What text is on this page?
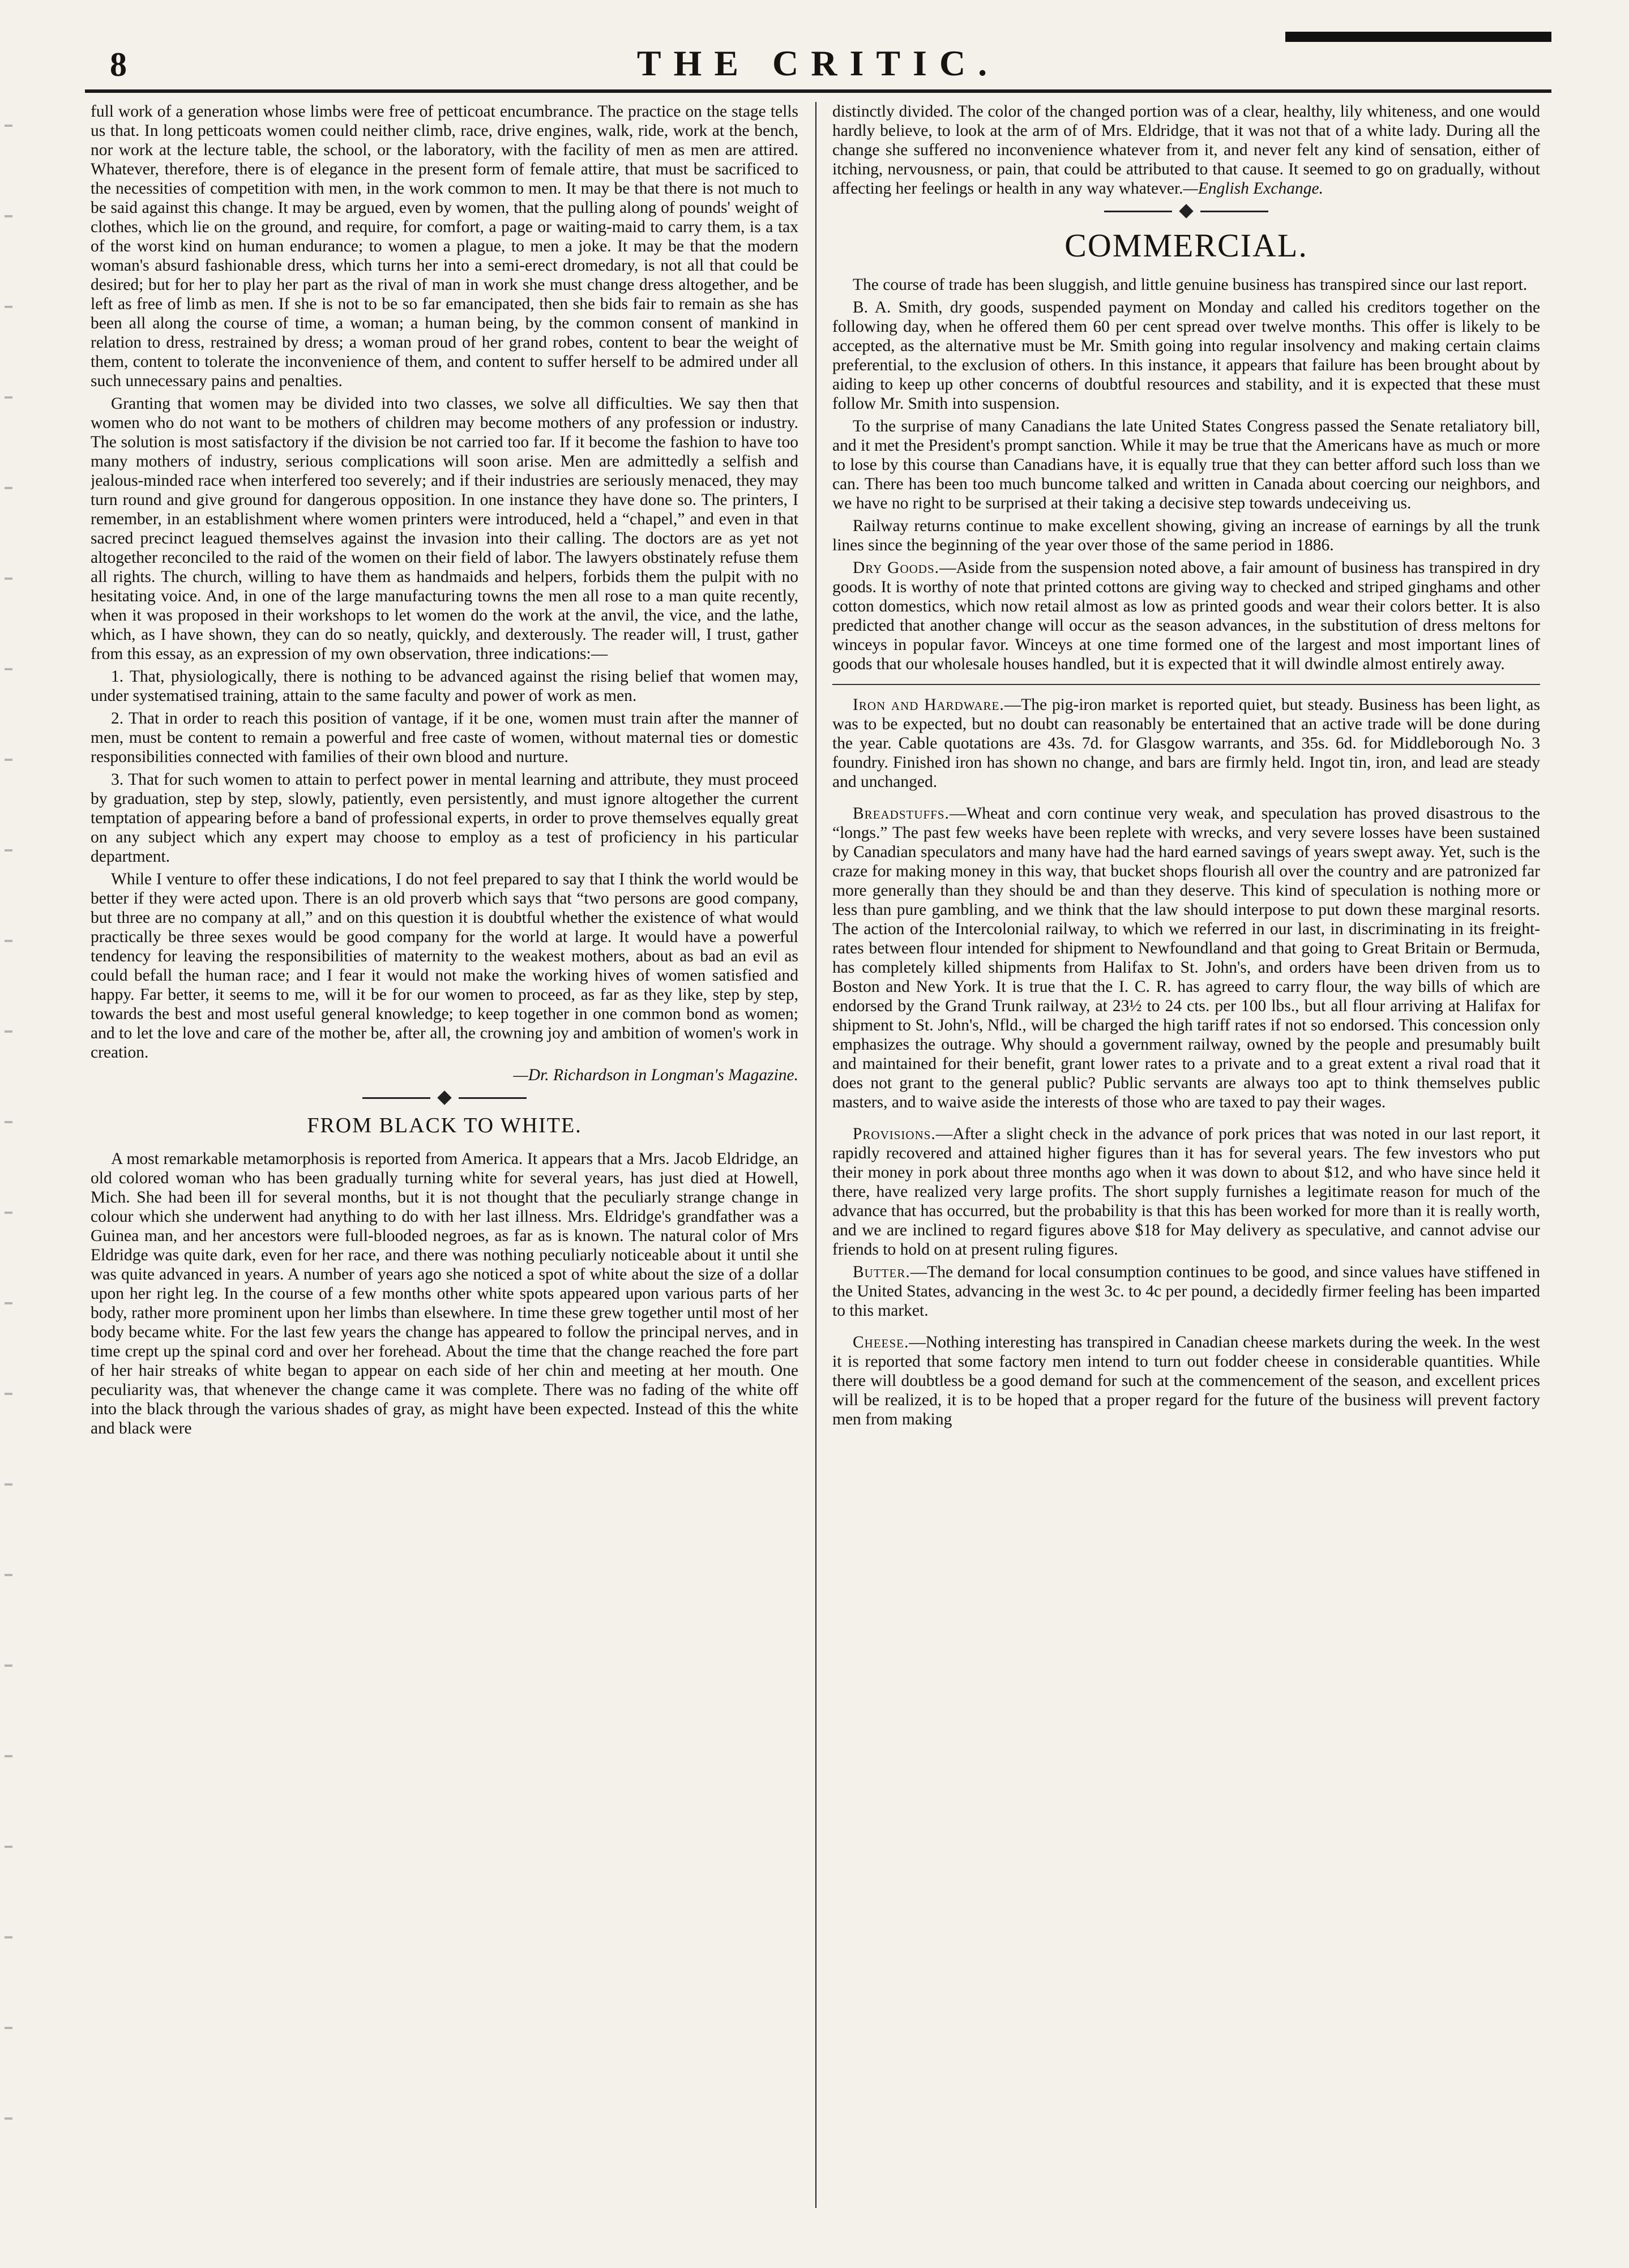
8	THE CRITIC.

full work of a generation whose limbs were free of petticoat encumbrance. The practice on the stage tells us that. In long petticoats women could neither climb, race, drive engines, walk, ride, work at the bench, nor work at the lecture table, the school, or the laboratory, with the facility of men as men are attired. Whatever, therefore, there is of elegance in the present form of female attire, that must be sacrificed to the necessities of competition with men, in the work common to men. It may be that there is not much to be said against this change. It may be argued, even by women, that the pulling along of pounds' weight of clothes, which lie on the ground, and require, for comfort, a page or waiting-maid to carry them, is a tax of the worst kind on human endurance; to women a plague, to men a joke. It may be that the modern woman's absurd fashionable dress, which turns her into a semi-erect dromedary, is not all that could be desired; but for her to play her part as the rival of man in work she must change dress altogether, and be left as free of limb as men. If she is not to be so far emancipated, then she bids fair to remain as she has been all along the course of time, a woman; a human being, by the common consent of mankind in relation to dress, restrained by dress; a woman proud of her grand robes, content to bear the weight of them, content to tolerate the inconvenience of them, and content to suffer herself to be admired under all such unnecessary pains and penalties.

Granting that women may be divided into two classes, we solve all difficulties. We say then that women who do not want to be mothers of children may become mothers of any profession or industry. The solution is most satisfactory if the division be not carried too far. If it become the fashion to have too many mothers of industry, serious complications will soon arise. Men are admittedly a selfish and jealous-minded race when interfered too severely; and if their industries are seriously menaced, they may turn round and give ground for dangerous opposition. In one instance they have done so. The printers, I remember, in an establishment where women printers were introduced, held a “chapel,” and even in that sacred precinct leagued themselves against the invasion into their calling. The doctors are as yet not altogether reconciled to the raid of the women on their field of labor. The lawyers obstinately refuse them all rights. The church, willing to have them as handmaids and helpers, forbids them the pulpit with no hesitating voice. And, in one of the large manufacturing towns the men all rose to a man quite recently, when it was proposed in their workshops to let women do the work at the anvil, the vice, and the lathe, which, as I have shown, they can do so neatly, quickly, and dexterously. The reader will, I trust, gather from this essay, as an expression of my own observation, three indications:—

1. That, physiologically, there is nothing to be advanced against the rising belief that women may, under systematised training, attain to the same faculty and power of work as men.

2. That in order to reach this position of vantage, if it be one, women must train after the manner of men, must be content to remain a powerful and free caste of women, without maternal ties or domestic responsibilities connected with families of their own blood and nurture.

3. That for such women to attain to perfect power in mental learning and attribute, they must proceed by graduation, step by step, slowly, patiently, even persistently, and must ignore altogether the current temptation of appearing before a band of professional experts, in order to prove themselves equally great on any subject which any expert may choose to employ as a test of proficiency in his particular department.

While I venture to offer these indications, I do not feel prepared to say that I think the world would be better if they were acted upon. There is an old proverb which says that “two persons are good company, but three are no company at all,” and on this question it is doubtful whether the existence of what would practically be three sexes would be good company for the world at large. It would have a powerful tendency for leaving the responsibilities of maternity to the weakest mothers, about as bad an evil as could befall the human race; and I fear it would not make the working hives of women satisfied and happy. Far better, it seems to me, will it be for our women to proceed, as far as they like, step by step, towards the best and most useful general knowledge; to keep together in one common bond as women; and to let the love and care of the mother be, after all, the crowning joy and ambition of women's work in creation.

—Dr. Richardson in Longman's Magazine.

FROM BLACK TO WHITE.

A most remarkable metamorphosis is reported from America. It appears that a Mrs. Jacob Eldridge, an old colored woman who has been gradually turning white for several years, has just died at Howell, Mich. She had been ill for several months, but it is not thought that the peculiarly strange change in colour which she underwent had anything to do with her last illness. Mrs. Eldridge's grandfather was a Guinea man, and her ancestors were full-blooded negroes, as far as is known. The natural color of Mrs Eldridge was quite dark, even for her race, and there was nothing peculiarly noticeable about it until she was quite advanced in years. A number of years ago she noticed a spot of white about the size of a dollar upon her right leg. In the course of a few months other white spots appeared upon various parts of her body, rather more prominent upon her limbs than elsewhere. In time these grew together until most of her body became white. For the last few years the change has appeared to follow the principal nerves, and in time crept up the spinal cord and over her forehead. About the time that the change reached the fore part of her hair streaks of white began to appear on each side of her chin and meeting at her mouth. One peculiarity was, that whenever the change came it was complete. There was no fading of the white off into the black through the various shades of gray, as might have been expected. Instead of this the white and black were

distinctly divided. The color of the changed portion was of a clear, healthy, lily whiteness, and one would hardly believe, to look at the arm of of Mrs. Eldridge, that it was not that of a white lady. During all the change she suffered no inconvenience whatever from it, and never felt any kind of sensation, either of itching, nervousness, or pain, that could be attributed to that cause. It seemed to go on gradually, without affecting her feelings or health in any way whatever.—English Exchange.

COMMERCIAL.

The course of trade has been sluggish, and little genuine business has transpired since our last report.

B. A. Smith, dry goods, suspended payment on Monday and called his creditors together on the following day, when he offered them 60 per cent spread over twelve months. This offer is likely to be accepted, as the alternative must be Mr. Smith going into regular insolvency and making certain claims preferential, to the exclusion of others. In this instance, it appears that failure has been brought about by aiding to keep up other concerns of doubtful resources and stability, and it is expected that these must follow Mr. Smith into suspension.

To the surprise of many Canadians the late United States Congress passed the Senate retaliatory bill, and it met the President's prompt sanction. While it may be true that the Americans have as much or more to lose by this course than Canadians have, it is equally true that they can better afford such loss than we can. There has been too much buncome talked and written in Canada about coercing our neighbors, and we have no right to be surprised at their taking a decisive step towards undeceiving us.

Railway returns continue to make excellent showing, giving an increase of earnings by all the trunk lines since the beginning of the year over those of the same period in 1886.

Dry Goods.—Aside from the suspension noted above, a fair amount of business has transpired in dry goods. It is worthy of note that printed cottons are giving way to checked and striped ginghams and other cotton domestics, which now retail almost as low as printed goods and wear their colors better. It is also predicted that another change will occur as the season advances, in the substitution of dress meltons for winceys in popular favor. Winceys at one time formed one of the largest and most important lines of goods that our wholesale houses handled, but it is expected that it will dwindle almost entirely away.

Iron and Hardware.—The pig-iron market is reported quiet, but steady. Business has been light, as was to be expected, but no doubt can reasonably be entertained that an active trade will be done during the year. Cable quotations are 43s. 7d. for Glasgow warrants, and 35s. 6d. for Middleborough No. 3 foundry. Finished iron has shown no change, and bars are firmly held. Ingot tin, iron, and lead are steady and unchanged.

Breadstuffs.—Wheat and corn continue very weak, and speculation has proved disastrous to the “longs.” The past few weeks have been replete with wrecks, and very severe losses have been sustained by Canadian speculators and many have had the hard earned savings of years swept away. Yet, such is the craze for making money in this way, that bucket shops flourish all over the country and are patronized far more generally than they should be and than they deserve. This kind of speculation is nothing more or less than pure gambling, and we think that the law should interpose to put down these marginal resorts. The action of the Intercolonial railway, to which we referred in our last, in discriminating in its freight-rates between flour intended for shipment to Newfoundland and that going to Great Britain or Bermuda, has completely killed shipments from Halifax to St. John's, and orders have been driven from us to Boston and New York. It is true that the I. C. R. has agreed to carry flour, the way bills of which are endorsed by the Grand Trunk railway, at 23½ to 24 cts. per 100 lbs., but all flour arriving at Halifax for shipment to St. John's, Nfld., will be charged the high tariff rates if not so endorsed. This concession only emphasizes the outrage. Why should a government railway, owned by the people and presumably built and maintained for their benefit, grant lower rates to a private and to a great extent a rival road that it does not grant to the general public? Public servants are always too apt to think themselves public masters, and to waive aside the interests of those who are taxed to pay their wages.

Provisions.—After a slight check in the advance of pork prices that was noted in our last report, it rapidly recovered and attained higher figures than it has for several years. The few investors who put their money in pork about three months ago when it was down to about $12, and who have since held it there, have realized very large profits. The short supply furnishes a legitimate reason for much of the advance that has occurred, but the probability is that this has been worked for more than it is really worth, and we are inclined to regard figures above $18 for May delivery as speculative, and cannot advise our friends to hold on at present ruling figures.

Butter.—The demand for local consumption continues to be good, and since values have stiffened in the United States, advancing in the west 3c. to 4c per pound, a decidedly firmer feeling has been imparted to this market.

Cheese.—Nothing interesting has transpired in Canadian cheese markets during the week. In the west it is reported that some factory men intend to turn out fodder cheese in considerable quantities. While there will doubtless be a good demand for such at the commencement of the season, and excellent prices will be realized, it is to be hoped that a proper regard for the future of the business will prevent factory men from making
